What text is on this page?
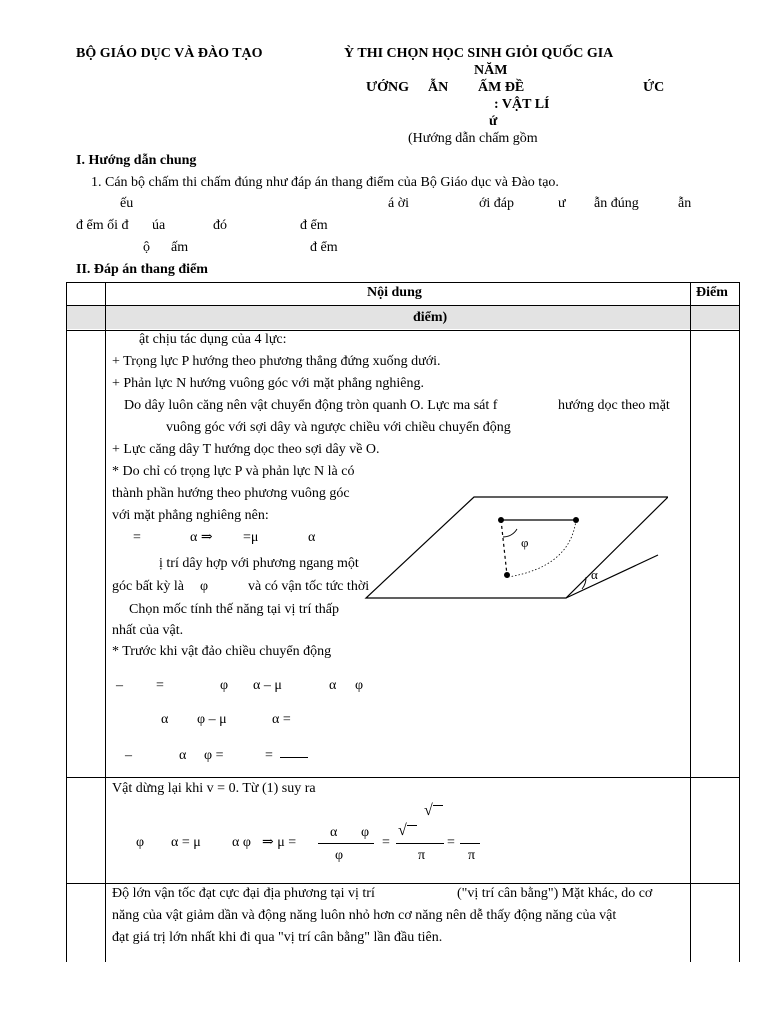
BỘ GIÁO DỤC VÀ ĐÀO TẠO	Ỳ THI CHỌN HỌC SINH GIỎI QUỐC GIA
NĂM
ƯỚNG ẪN ẤM ĐỀ	ỨC
: VẬT LÍ
ứ
(Hướng dẫn chấm gồm
I. Hướng dẫn chung
1. Cán bộ chấm thi chấm đúng như đáp án thang điểm của Bộ Giáo dục và Đào tạo.
ếu	á ời	ới đáp	ư ẫn đúng	ẫn
đ ểm ối đ úa	đó	đ ểm
ộ ấm	đ ểm
II. Đáp án thang điểm
Nội dung	Điểm
điểm)
ật chịu tác dụng của 4 lực:
+ Trọng lực P hướng theo phương thẳng đứng xuống dưới.
+ Phản lực N hướng vuông góc với mặt phẳng nghiêng.
Do dây luôn căng nên vật chuyển động tròn quanh O. Lực ma sát f	hướng dọc theo mặt
vuông góc với sợi dây và ngược chiều với chiều chuyển động
+ Lực căng dây T hướng dọc theo sợi dây về O.
* Do chỉ có trọng lực P và phản lực N là có
thành phần hướng theo phương vuông góc
với mặt phẳng nghiêng nên:
=	α ⇒ =μ	α
ị trí dây hợp với phương ngang một
góc bất kỳ là φ	và có vận tốc tức thời
Chọn mốc tính thế năng tại vị trí thấp
nhất của vật.
* Trước khi vật đảo chiều chuyển động
– =	φ α – μ	α φ
α φ – μ	α =
–	α φ =	=
α
φ
Vật dừng lại khi v = 0. Từ (1) suy ra
φ α = μ α φ ⇒ μ =
α φ
φ
=
√
√
π
=
π
Độ lớn vận tốc đạt cực đại địa phương tại vị trí	("vị trí cân bằng") Mặt khác, do cơ
năng của vật giảm dần và động năng luôn nhỏ hơn cơ năng nên dễ thấy động năng của vật
đạt giá trị lớn nhất khi đi qua "vị trí cân bằng" lần đầu tiên.
